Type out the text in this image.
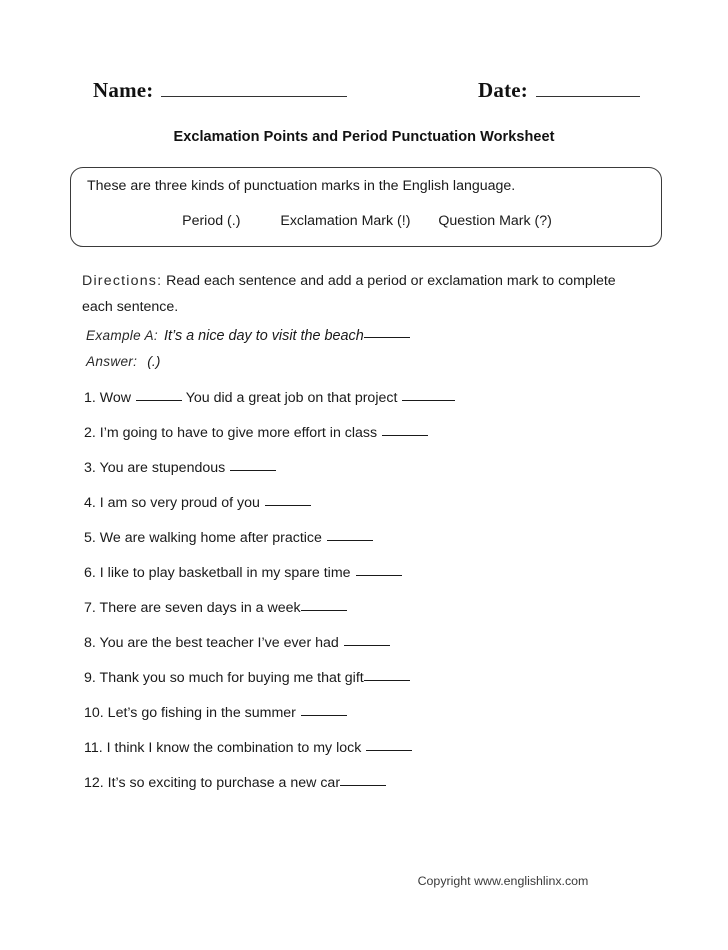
Name:	Date:
Exclamation Points and Period Punctuation Worksheet
These are three kinds of punctuation marks in the English language.
Period (.)	Exclamation Mark (!) Question Mark (?)
Directions: Read each sentence and add a period or exclamation mark to complete each sentence.
Example A: It’s a nice day to visit the beach
Answer: (.)
1. Wow	You did a great job on that project
2. I’m going to have to give more effort in class
3. You are stupendous
4. I am so very proud of you
5. We are walking home after practice
6. I like to play basketball in my spare time
7. There are seven days in a week
8. You are the best teacher I’ve ever had
9. Thank you so much for buying me that gift
10. Let’s go fishing in the summer
11. I think I know the combination to my lock
12. It’s so exciting to purchase a new car
Copyright www.englishlinx.com
